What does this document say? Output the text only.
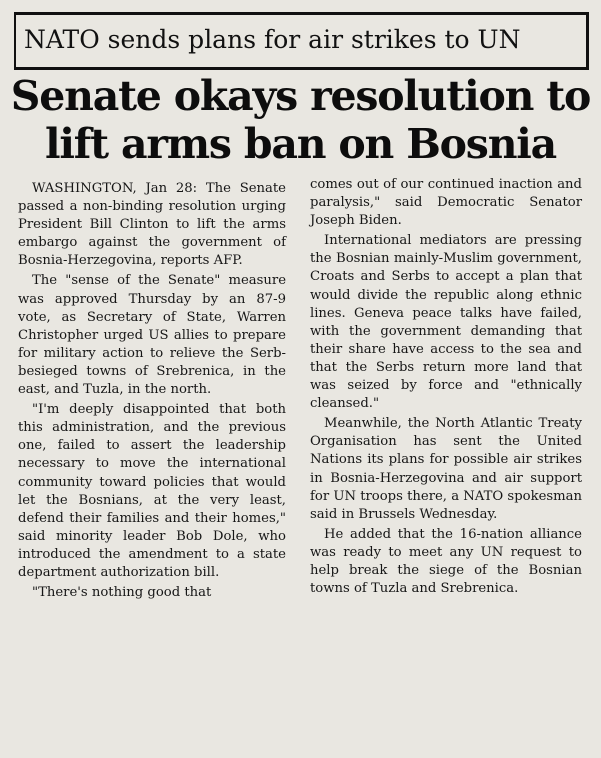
NATO sends plans for air strikes to UN
Senate okays resolution to
lift arms ban on Bosnia

WASHINGTON, Jan 28: The Senate passed a non-binding resolution urging President Bill Clinton to lift the arms embargo against the government of Bosnia-Herzegovina, reports AFP.

The "sense of the Senate" measure was approved Thursday by an 87-9 vote, as Secretary of State, Warren Christopher urged US allies to prepare for military action to relieve the Serb-besieged towns of Srebrenica, in the east, and Tuzla, in the north.

"I'm deeply disappointed that both this administration, and the previous one, failed to assert the leadership necessary to move the international community toward policies that would let the Bosnians, at the very least, defend their families and their homes," said minority leader Bob Dole, who introduced the amendment to a state department authorization bill.

"There's nothing good that

comes out of our continued inaction and paralysis," said Democratic Senator Joseph Biden.

International mediators are pressing the Bosnian mainly-Muslim government, Croats and Serbs to accept a plan that would divide the republic along ethnic lines. Geneva peace talks have failed, with the government demanding that their share have access to the sea and that the Serbs return more land that was seized by force and "ethnically cleansed."

Meanwhile, the North Atlantic Treaty Organisation has sent the United Nations its plans for possible air strikes in Bosnia-Herzegovina and air support for UN troops there, a NATO spokesman said in Brussels Wednesday.

He added that the 16-nation alliance was ready to meet any UN request to help break the siege of the Bosnian towns of Tuzla and Srebrenica.
